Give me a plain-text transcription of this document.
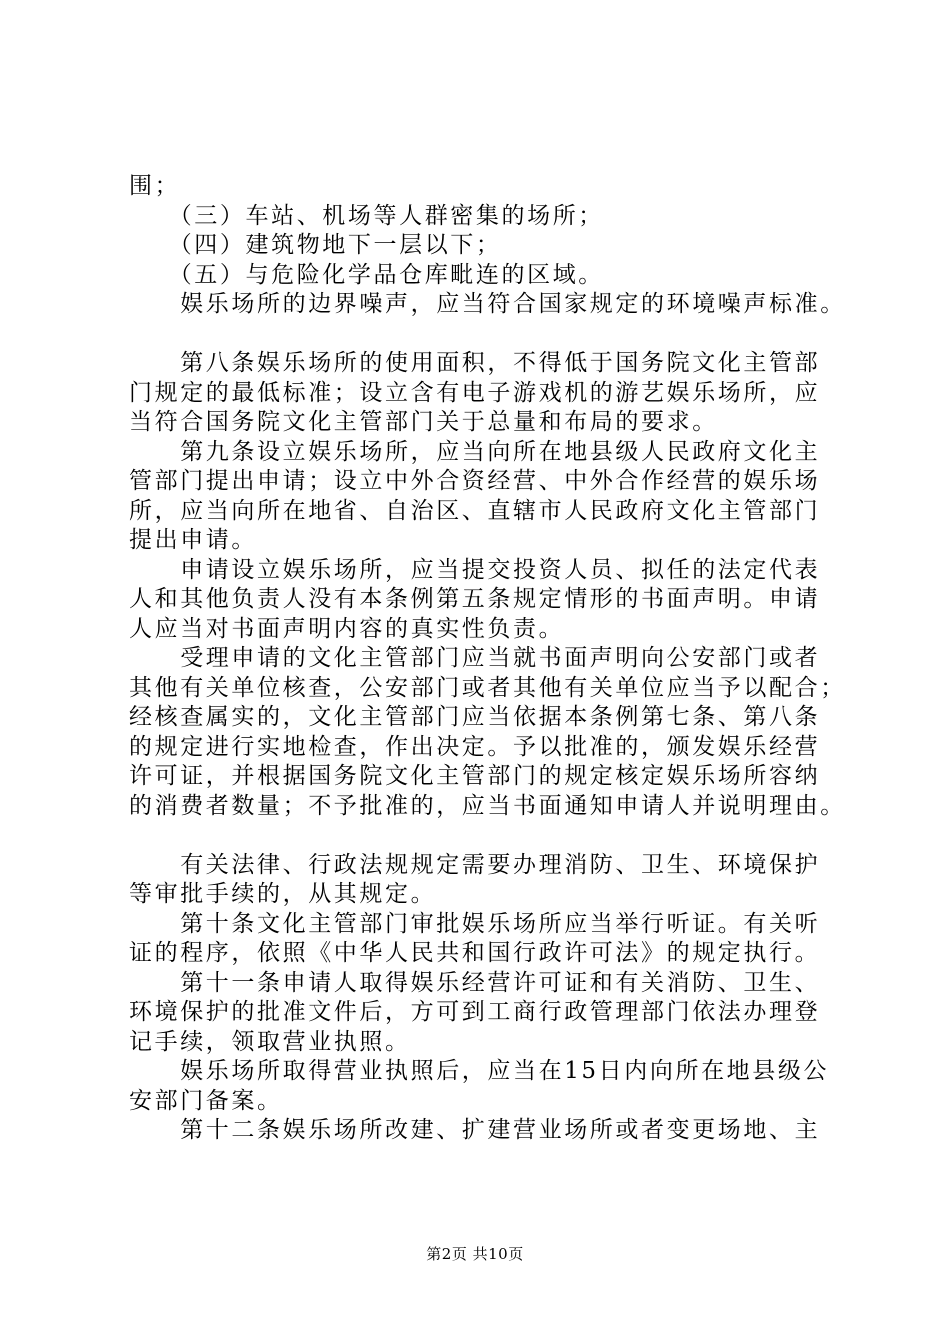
围；
　　（三）车站、机场等人群密集的场所；
　　（四）建筑物地下一层以下；
　　（五）与危险化学品仓库毗连的区域。
　　娱乐场所的边界噪声，应当符合国家规定的环境噪声标准。
　　第八条娱乐场所的使用面积，不得低于国务院文化主管部
门规定的最低标准；设立含有电子游戏机的游艺娱乐场所，应
当符合国务院文化主管部门关于总量和布局的要求。
　　第九条设立娱乐场所，应当向所在地县级人民政府文化主
管部门提出申请；设立中外合资经营、中外合作经营的娱乐场
所，应当向所在地省、自治区、直辖市人民政府文化主管部门
提出申请。
　　申请设立娱乐场所，应当提交投资人员、拟任的法定代表
人和其他负责人没有本条例第五条规定情形的书面声明。申请
人应当对书面声明内容的真实性负责。
　　受理申请的文化主管部门应当就书面声明向公安部门或者
其他有关单位核查，公安部门或者其他有关单位应当予以配合；
经核查属实的，文化主管部门应当依据本条例第七条、第八条
的规定进行实地检查，作出决定。予以批准的，颁发娱乐经营
许可证，并根据国务院文化主管部门的规定核定娱乐场所容纳
的消费者数量；不予批准的，应当书面通知申请人并说明理由。
　　有关法律、行政法规规定需要办理消防、卫生、环境保护
等审批手续的，从其规定。
　　第十条文化主管部门审批娱乐场所应当举行听证。有关听
证的程序，依照《中华人民共和国行政许可法》的规定执行。
　　第十一条申请人取得娱乐经营许可证和有关消防、卫生、
环境保护的批准文件后，方可到工商行政管理部门依法办理登
记手续，领取营业执照。
　　娱乐场所取得营业执照后，应当在15日内向所在地县级公
安部门备案。
　　第十二条娱乐场所改建、扩建营业场所或者变更场地、主
第2页 共10页
